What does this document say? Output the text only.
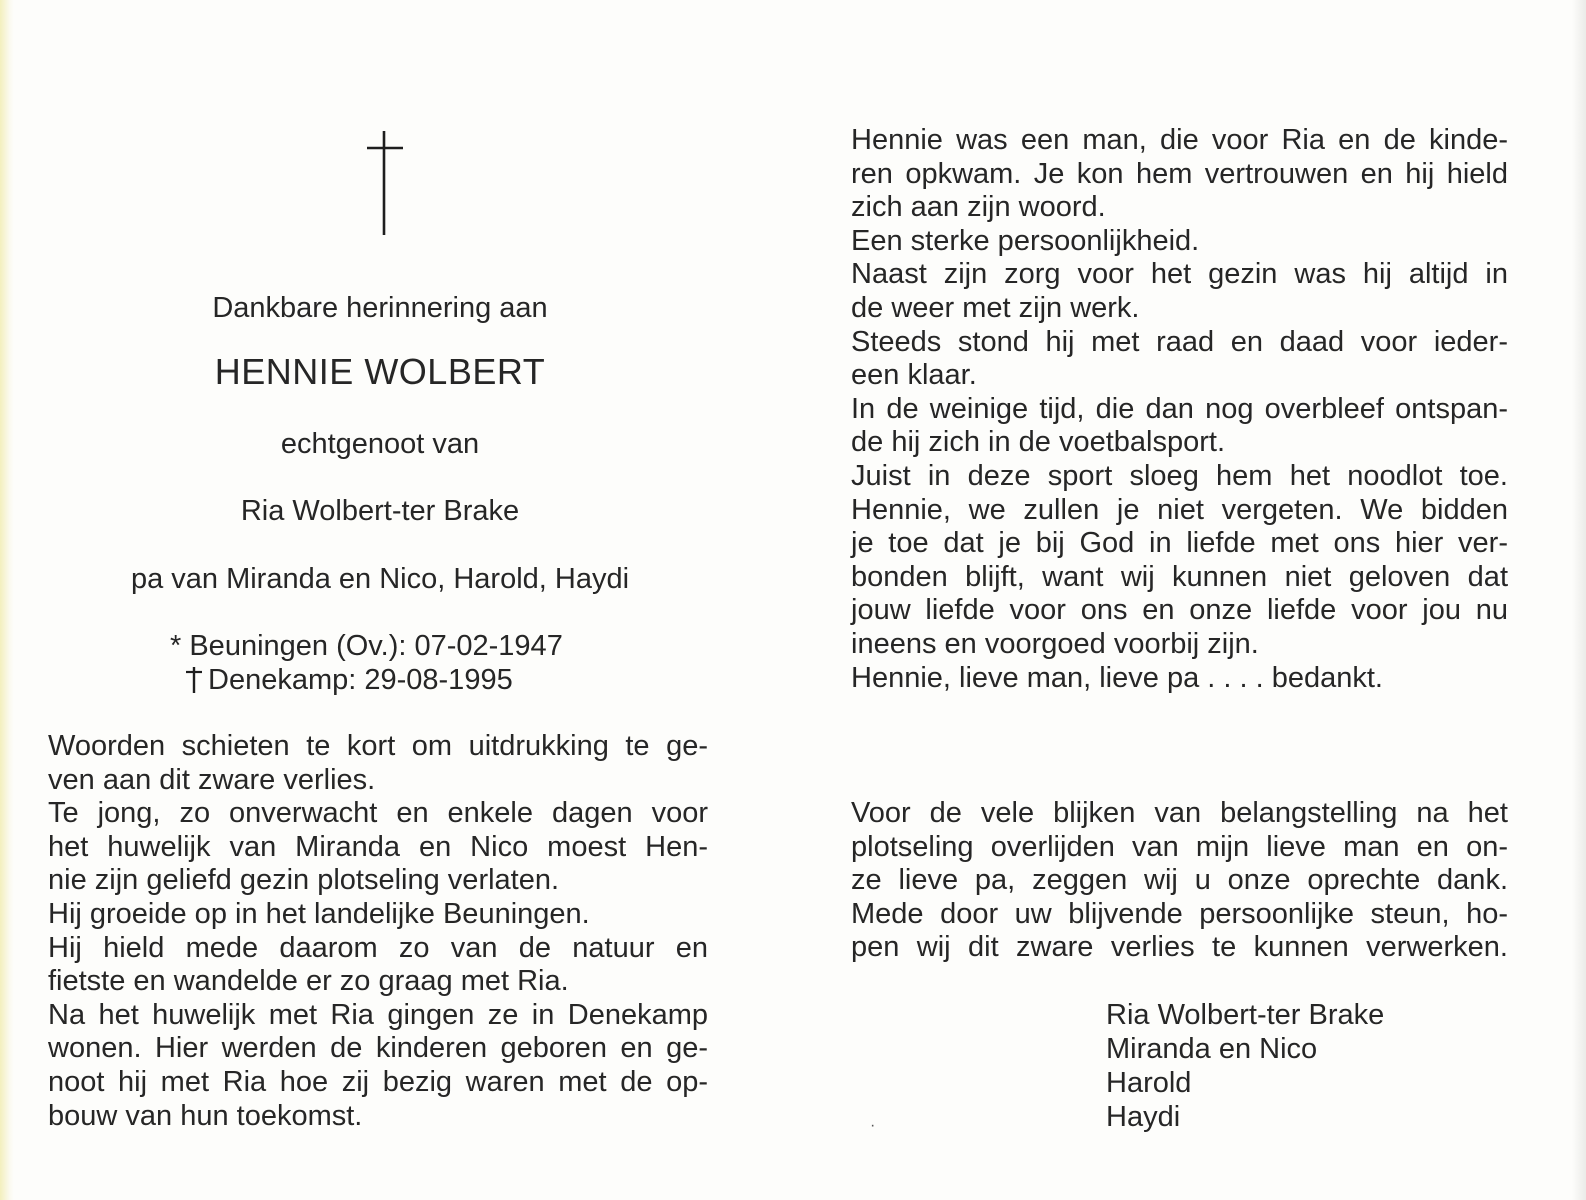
Dankbare herinnering aan
HENNIE WOLBERT
echtgenoot van
Ria Wolbert-ter Brake
pa van Miranda en Nico, Harold, Haydi
* Beuningen (Ov.): 07-02-1947
Denekamp: 29-08-1995
Woorden schieten te kort om uitdrukking te ge-
ven aan dit zware verlies.
Te jong, zo onverwacht en enkele dagen voor
het huwelijk van Miranda en Nico moest Hen-
nie zijn geliefd gezin plotseling verlaten.
Hij groeide op in het landelijke Beuningen.
Hij hield mede daarom zo van de natuur en
fietste en wandelde er zo graag met Ria.
Na het huwelijk met Ria gingen ze in Denekamp
wonen. Hier werden de kinderen geboren en ge-
noot hij met Ria hoe zij bezig waren met de op-
bouw van hun toekomst.
Hennie was een man, die voor Ria en de kinde-
ren opkwam. Je kon hem vertrouwen en hij hield
zich aan zijn woord.
Een sterke persoonlijkheid.
Naast zijn zorg voor het gezin was hij altijd in
de weer met zijn werk.
Steeds stond hij met raad en daad voor ieder-
een klaar.
In de weinige tijd, die dan nog overbleef ontspan-
de hij zich in de voetbalsport.
Juist in deze sport sloeg hem het noodlot toe.
Hennie, we zullen je niet vergeten. We bidden
je toe dat je bij God in liefde met ons hier ver-
bonden blijft, want wij kunnen niet geloven dat
jouw liefde voor ons en onze liefde voor jou nu
ineens en voorgoed voorbij zijn.
Hennie, lieve man, lieve pa . . . . bedankt.
Voor de vele blijken van belangstelling na het
plotseling overlijden van mijn lieve man en on-
ze lieve pa, zeggen wij u onze oprechte dank.
Mede door uw blijvende persoonlijke steun, ho-
pen wij dit zware verlies te kunnen verwerken.
Ria Wolbert-ter Brake
Miranda en Nico
Harold
Haydi
·
